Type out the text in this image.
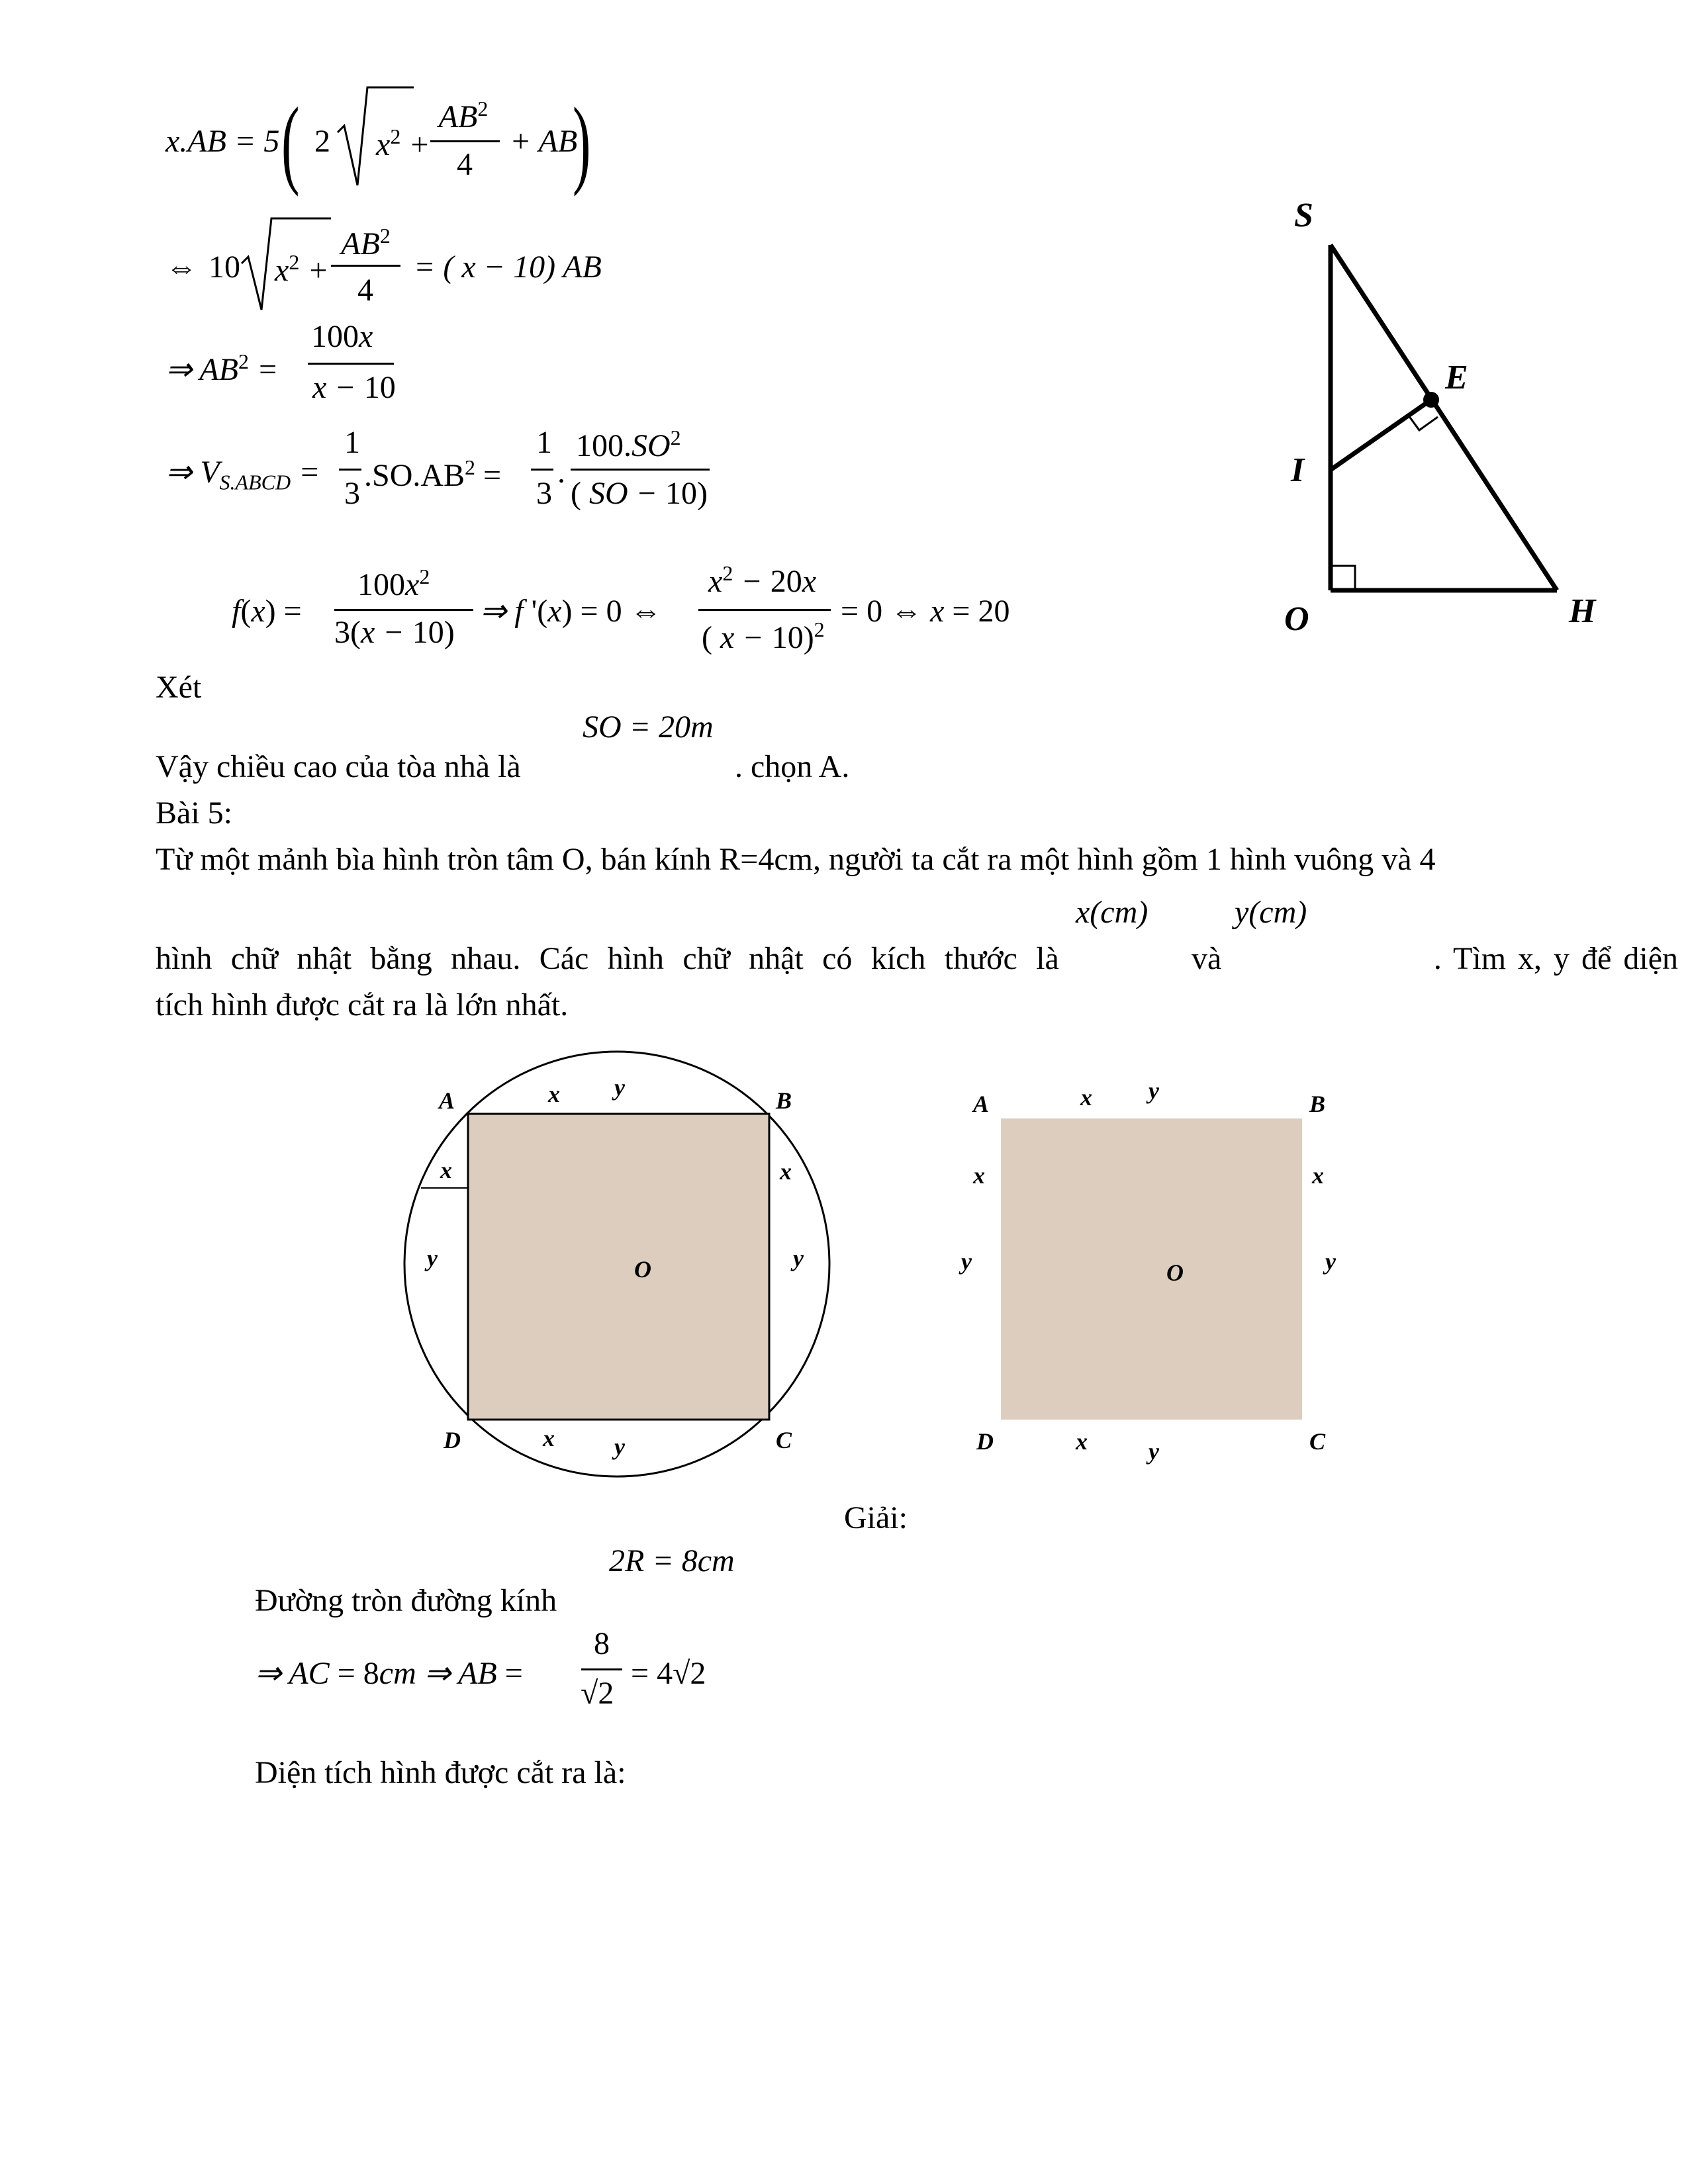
x.AB = 5 ( 2 $x^2$ +
$AB^2$
4
+ AB
)
⇔ 10 $x^2$ +
$AB^2$
4
= ( x − 10) AB
⇒ $AB^2$ =
100x
x − 10
⇒ $V_{S.ABCD}$ =
1
3
$.SO.AB^2$ =
1
3
.
$100.SO^2$
( SO − 10)
f(x) =
$100x^2$
3(x − 10)
⇒ f '(x) = 0 ⇔
$x^2 - 20x$
( x − 10)$^2$
= 0 ⇔ x = 20
S
E
I
O	H
Xét
SO = 20m
Vậy chiều cao của tòa nhà là	. chọn A.
Bài 5:
Từ một mảnh bìa hình tròn tâm O, bán kính R=4cm, người ta cắt ra một hình gồm 1 hình vuông và 4
x(cm)	y(cm)
hình chữ nhật bằng nhau. Các hình chữ nhật có kích thước là	và	. Tìm x, y để diện
tích hình được cắt ra là lớn nhất.
A	B
C
D
O
x y
x
y
x
y
x	y
A	B
C
D
O
x y
x
y
x
y
x	y
Giải:
2R = 8cm
Đường tròn đường kính
⇒ AC = 8cm ⇒ AB =
8
√2
= 4√2
Diện tích hình được cắt ra là:
